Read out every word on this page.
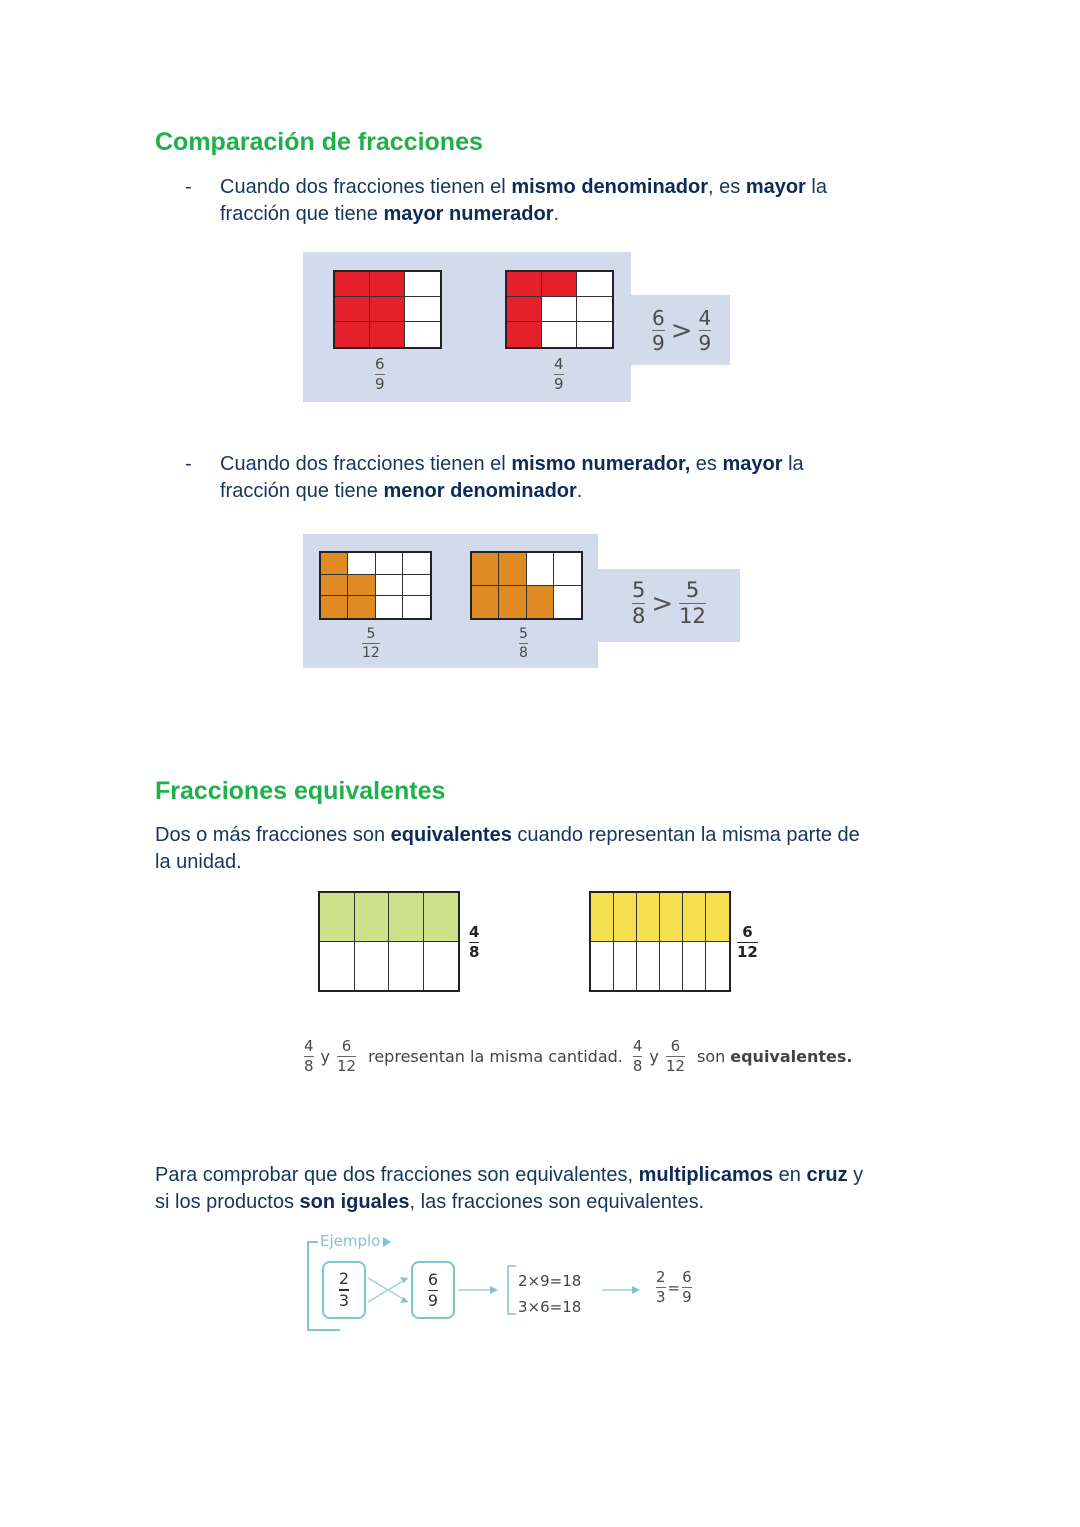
Comparación de fracciones
- Cuando dos fracciones tienen el mismo denominador, es mayor la
fracción que tiene mayor numerador.
6
9
4
9
$\frac{6}{9} > \frac{4}{9}$
- Cuando dos fracciones tienen el mismo numerador, es mayor la
fracción que tiene menor denominador.
5
12
5
8
$\frac{5}{8} > \frac{5}{12}$
Fracciones equivalentes
Dos o más fracciones son equivalentes cuando representan la misma parte de
la unidad.
4
8
6
12
$\frac{4}{8}$ y $\frac{6}{12}$ representan la misma cantidad. $\frac{4}{8}$ y $\frac{6}{12}$ son equivalentes.
Para comprobar que dos fracciones son equivalentes, multiplicamos en cruz y
si los productos son iguales, las fracciones son equivalentes.
Ejemplo
$\frac{2}{3}$	$\frac{6}{9}$	2×9=18
3×6=18
$\frac{2}{3} = \frac{6}{9}$
